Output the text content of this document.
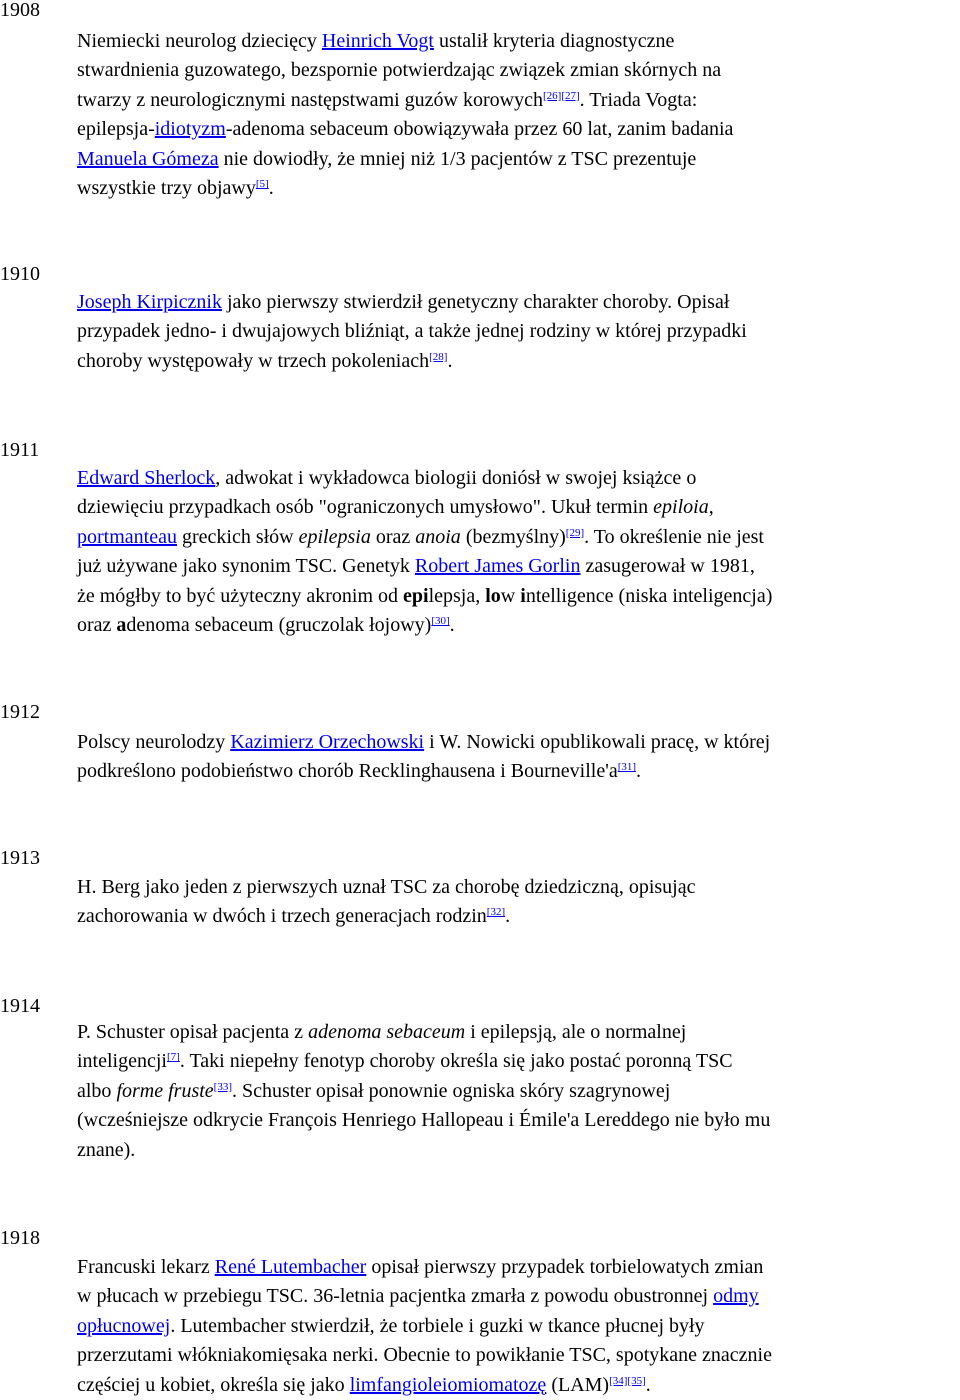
1908
Niemiecki neurolog dziecięcy Heinrich Vogt ustalił kryteria diagnostyczne
stwardnienia guzowatego, bezspornie potwierdzając związek zmian skórnych na
twarzy z neurologicznymi następstwami guzów korowych[26][27]. Triada Vogta:
epilepsja-idiotyzm-adenoma sebaceum obowiązywała przez 60 lat, zanim badania
Manuela Gómeza nie dowiodły, że mniej niż 1/3 pacjentów z TSC prezentuje
wszystkie trzy objawy[5].
1910
Joseph Kirpicznik jako pierwszy stwierdził genetyczny charakter choroby. Opisał
przypadek jedno- i dwujajowych bliźniąt, a także jednej rodziny w której przypadki
choroby występowały w trzech pokoleniach[28].
1911
Edward Sherlock, adwokat i wykładowca biologii doniósł w swojej książce o
dziewięciu przypadkach osób "ograniczonych umysłowo". Ukuł termin epiloia,
portmanteau greckich słów epilepsia oraz anoia (bezmyślny)[29]. To określenie nie jest
już używane jako synonim TSC. Genetyk Robert James Gorlin zasugerował w 1981,
że mógłby to być użyteczny akronim od epilepsja, low intelligence (niska inteligencja)
oraz adenoma sebaceum (gruczolak łojowy)[30].
1912
Polscy neurolodzy Kazimierz Orzechowski i W. Nowicki opublikowali pracę, w której
podkreślono podobieństwo chorób Recklinghausena i Bourneville'a[31].
1913
H. Berg jako jeden z pierwszych uznał TSC za chorobę dziedziczną, opisując
zachorowania w dwóch i trzech generacjach rodzin[32].
1914
P. Schuster opisał pacjenta z adenoma sebaceum i epilepsją, ale o normalnej
inteligencji[7]. Taki niepełny fenotyp choroby określa się jako postać poronną TSC
albo forme fruste[33]. Schuster opisał ponownie ogniska skóry szagrynowej
(wcześniejsze odkrycie François Henriego Hallopeau i Émile'a Lereddego nie było mu
znane).
1918
Francuski lekarz René Lutembacher opisał pierwszy przypadek torbielowatych zmian
w płucach w przebiegu TSC. 36-letnia pacjentka zmarła z powodu obustronnej odmy
opłucnowej. Lutembacher stwierdził, że torbiele i guzki w tkance płucnej były
przerzutami włókniakomięsaka nerki. Obecnie to powikłanie TSC, spotykane znacznie
częściej u kobiet, określa się jako limfangioleiomiomatozę (LAM)[34][35].
